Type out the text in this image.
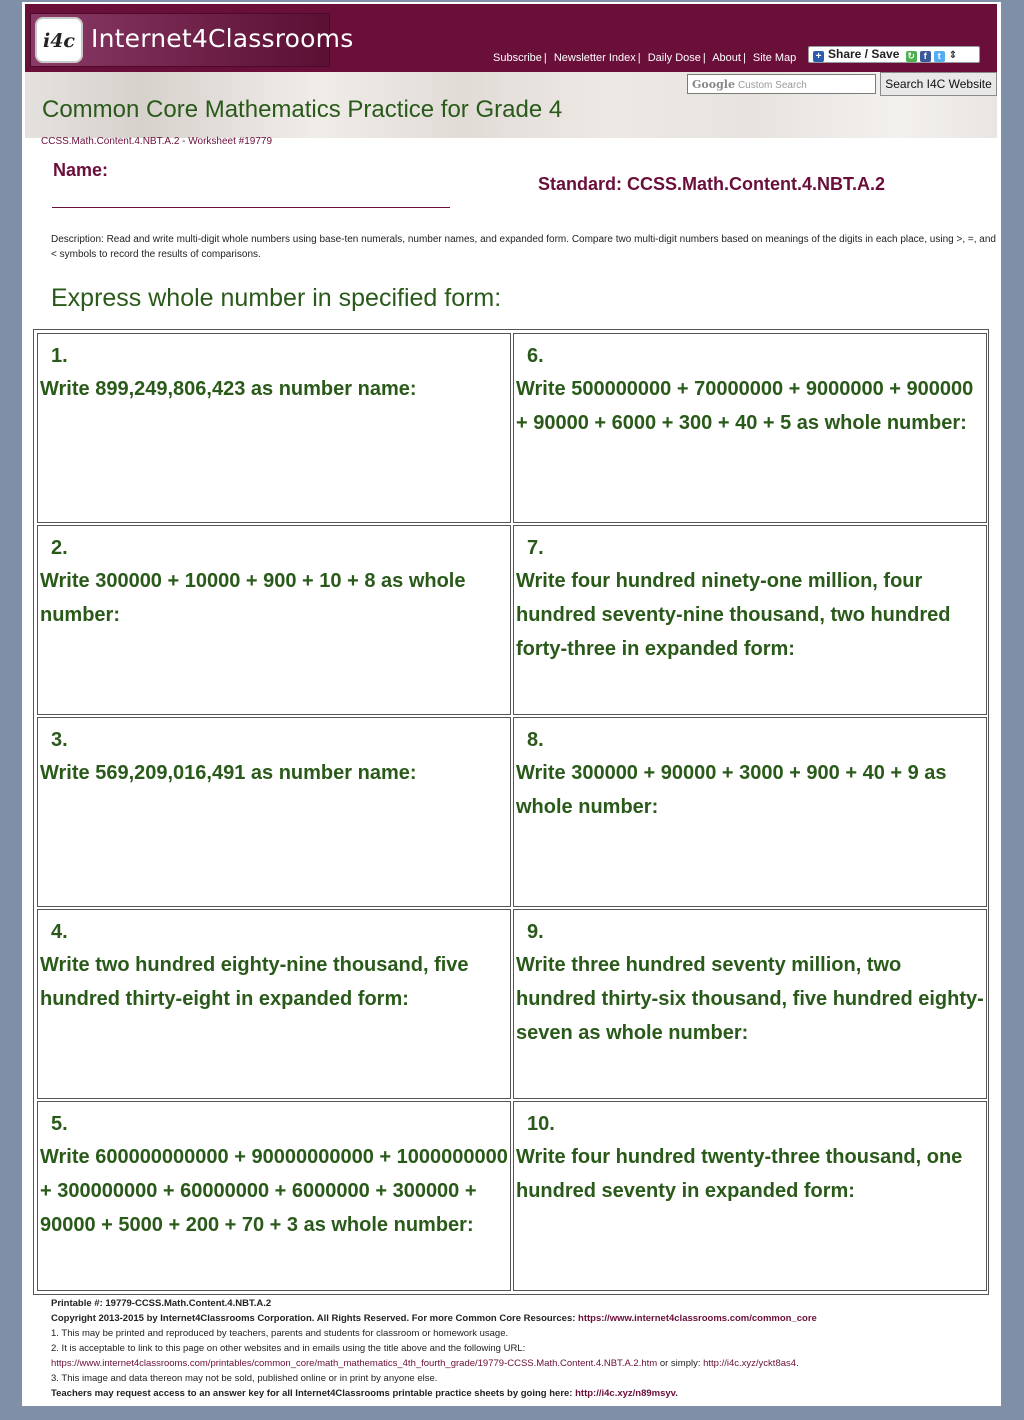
i4c Internet4Classrooms
Subscribe | Newsletter Index | Daily Dose | About | Site Map	+ Share / Save ↻ f t ⇕
Common Core Mathematics Practice for Grade 4
Google Custom Search	Search I4C Website
CCSS.Math.Content.4.NBT.A.2 - Worksheet #19779
Name:
Standard: CCSS.Math.Content.4.NBT.A.2
Description: Read and write multi-digit whole numbers using base-ten numerals, number names, and expanded form. Compare two multi-digit numbers based on meanings of the digits in each place, using >, =, and < symbols to record the results of comparisons.
Express whole number in specified form:
1.
Write 899,249,806,423 as number name:
2.
Write 300000 + 10000 + 900 + 10 + 8 as whole number:
3.
Write 569,209,016,491 as number name:
4.
Write two hundred eighty-nine thousand, five hundred thirty-eight in expanded form:
5.
Write 600000000000 + 90000000000 + 1000000000 + 300000000 + 60000000 + 6000000 + 300000 + 90000 + 5000 + 200 + 70 + 3 as whole number:
6.
Write 500000000 + 70000000 + 9000000 + 900000 + 90000 + 6000 + 300 + 40 + 5 as whole number:
7.
Write four hundred ninety-one million, four hundred seventy-nine thousand, two hundred forty-three in expanded form:
8.
Write 300000 + 90000 + 3000 + 900 + 40 + 9 as whole number:
9.
Write three hundred seventy million, two hundred thirty-six thousand, five hundred eighty-seven as whole number:
10.
Write four hundred twenty-three thousand, one hundred seventy in expanded form:
Printable #: 19779-CCSS.Math.Content.4.NBT.A.2
Copyright 2013-2015 by Internet4Classrooms Corporation. All Rights Reserved. For more Common Core Resources: https://www.internet4classrooms.com/common_core
1. This may be printed and reproduced by teachers, parents and students for classroom or homework usage.
2. It is acceptable to link to this page on other websites and in emails using the title above and the following URL:
https://www.internet4classrooms.com/printables/common_core/math_mathematics_4th_fourth_grade/19779-CCSS.Math.Content.4.NBT.A.2.htm or simply: http://i4c.xyz/yckt8as4.
3. This image and data thereon may not be sold, published online or in print by anyone else.
Teachers may request access to an answer key for all Internet4Classrooms printable practice sheets by going here: http://i4c.xyz/n89msyv.
